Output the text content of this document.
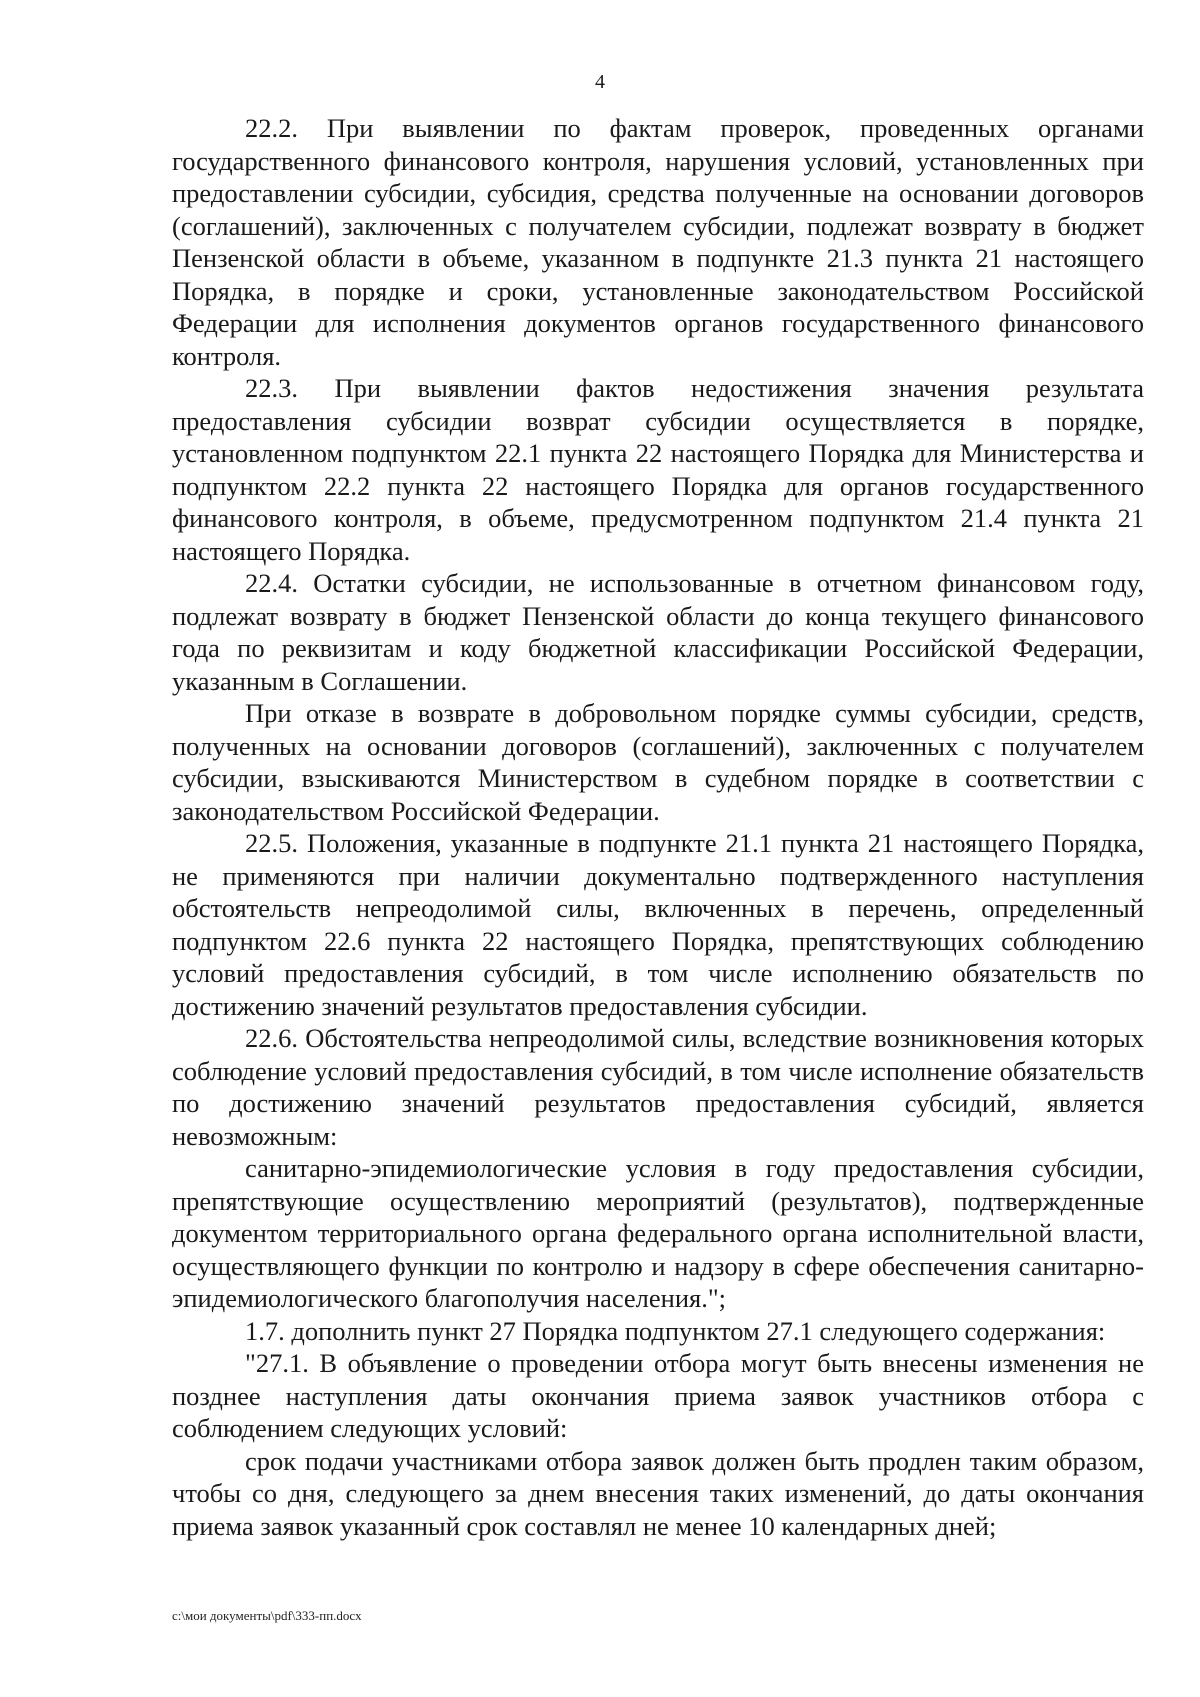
4

22.2. При выявлении по фактам проверок, проведенных органами государственного финансового контроля, нарушения условий, установленных при предоставлении субсидии, субсидия, средства полученные на основании договоров (соглашений), заключенных с получателем субсидии, подлежат возврату в бюджет Пензенской области в объеме, указанном в подпункте 21.3 пункта 21 настоящего Порядка, в порядке и сроки, установленные законодательством Российской Федерации для исполнения документов органов государственного финансового контроля.

22.3. При выявлении фактов недостижения значения результата предоставления субсидии возврат субсидии осуществляется в порядке, установленном подпунктом 22.1 пункта 22 настоящего Порядка для Министерства и подпунктом 22.2 пункта 22 настоящего Порядка для органов государственного финансового контроля, в объеме, предусмотренном подпунктом 21.4 пункта 21 настоящего Порядка.

22.4. Остатки субсидии, не использованные в отчетном финансовом году, подлежат возврату в бюджет Пензенской области до конца текущего финансового года по реквизитам и коду бюджетной классификации Российской Федерации, указанным в Соглашении.

При отказе в возврате в добровольном порядке суммы субсидии, средств, полученных на основании договоров (соглашений), заключенных с получателем субсидии, взыскиваются Министерством в судебном порядке в соответствии с законодательством Российской Федерации.

22.5. Положения, указанные в подпункте 21.1 пункта 21 настоящего Порядка, не применяются при наличии документально подтвержденного наступления обстоятельств непреодолимой силы, включенных в перечень, определенный подпунктом 22.6 пункта 22 настоящего Порядка, препятствующих соблюдению условий предоставления субсидий, в том числе исполнению обязательств по достижению значений результатов предоставления субсидии.

22.6. Обстоятельства непреодолимой силы, вследствие возникновения которых соблюдение условий предоставления субсидий, в том числе исполнение обязательств по достижению значений результатов предоставления субсидий, является невозможным:

санитарно-эпидемиологические условия в году предоставления субсидии, препятствующие осуществлению мероприятий (результатов), подтвержденные документом территориального органа федерального органа исполнительной власти, осуществляющего функции по контролю и надзору в сфере обеспечения санитарно-эпидемиологического благополучия населения.";

1.7. дополнить пункт 27 Порядка подпунктом 27.1 следующего содержания:

"27.1. В объявление о проведении отбора могут быть внесены изменения не позднее наступления даты окончания приема заявок участников отбора с соблюдением следующих условий:

срок подачи участниками отбора заявок должен быть продлен таким образом, чтобы со дня, следующего за днем внесения таких изменений, до даты окончания приема заявок указанный срок составлял не менее 10 календарных дней;

c:\мои документы\pdf\333-пп.docx
